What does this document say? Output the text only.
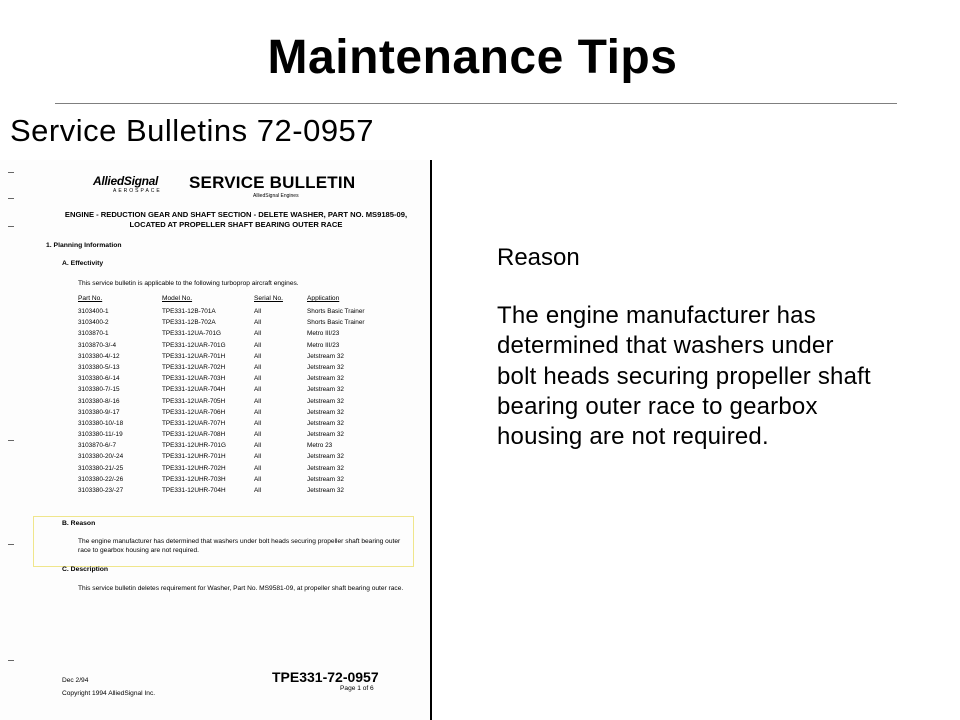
Maintenance Tips
Service Bulletins 72-0957
AlliedSignal
AEROSPACE SERVICE BULLETIN
AlliedSignal Engines
ENGINE - REDUCTION GEAR AND SHAFT SECTION - DELETE WASHER, PART NO. MS9185-09, LOCATED AT PROPELLER SHAFT BEARING OUTER RACE
1. Planning Information
A. Effectivity
This service bulletin is applicable to the following turboprop aircraft engines.
Part No.	Model No.	Serial No.	Application
3103400-1	TPE331-12B-701A	All	Shorts Basic Trainer
3103400-2	TPE331-12B-702A	All	Shorts Basic Trainer
3103870-1	TPE331-12UA-701G	All	Metro III/23
3103870-3/-4	TPE331-12UAR-701G	All	Metro III/23
3103380-4/-12	TPE331-12UAR-701H	All	Jetstream 32
3103380-5/-13	TPE331-12UAR-702H	All	Jetstream 32
3103380-6/-14	TPE331-12UAR-703H	All	Jetstream 32
3103380-7/-15	TPE331-12UAR-704H	All	Jetstream 32
3103380-8/-16	TPE331-12UAR-705H	All	Jetstream 32
3103380-9/-17	TPE331-12UAR-706H	All	Jetstream 32
3103380-10/-18	TPE331-12UAR-707H	All	Jetstream 32
3103380-11/-19	TPE331-12UAR-708H	All	Jetstream 32
3103870-6/-7	TPE331-12UHR-701G	All	Metro 23
3103380-20/-24	TPE331-12UHR-701H	All	Jetstream 32
3103380-21/-25	TPE331-12UHR-702H	All	Jetstream 32
3103380-22/-26	TPE331-12UHR-703H	All	Jetstream 32
3103380-23/-27	TPE331-12UHR-704H	All	Jetstream 32
B. Reason
The engine manufacturer has determined that washers under bolt heads securing propeller shaft bearing outer race to gearbox housing are not required.
C. Description
This service bulletin deletes requirement for Washer, Part No. MS9581-09, at propeller shaft bearing outer race.
Dec 2/94
Copyright 1994 AlliedSignal Inc.
TPE331-72-0957
Page 1 of 6
Reason
The engine manufacturer has determined that washers under bolt heads securing propeller shaft bearing outer race to gearbox housing are not required.
